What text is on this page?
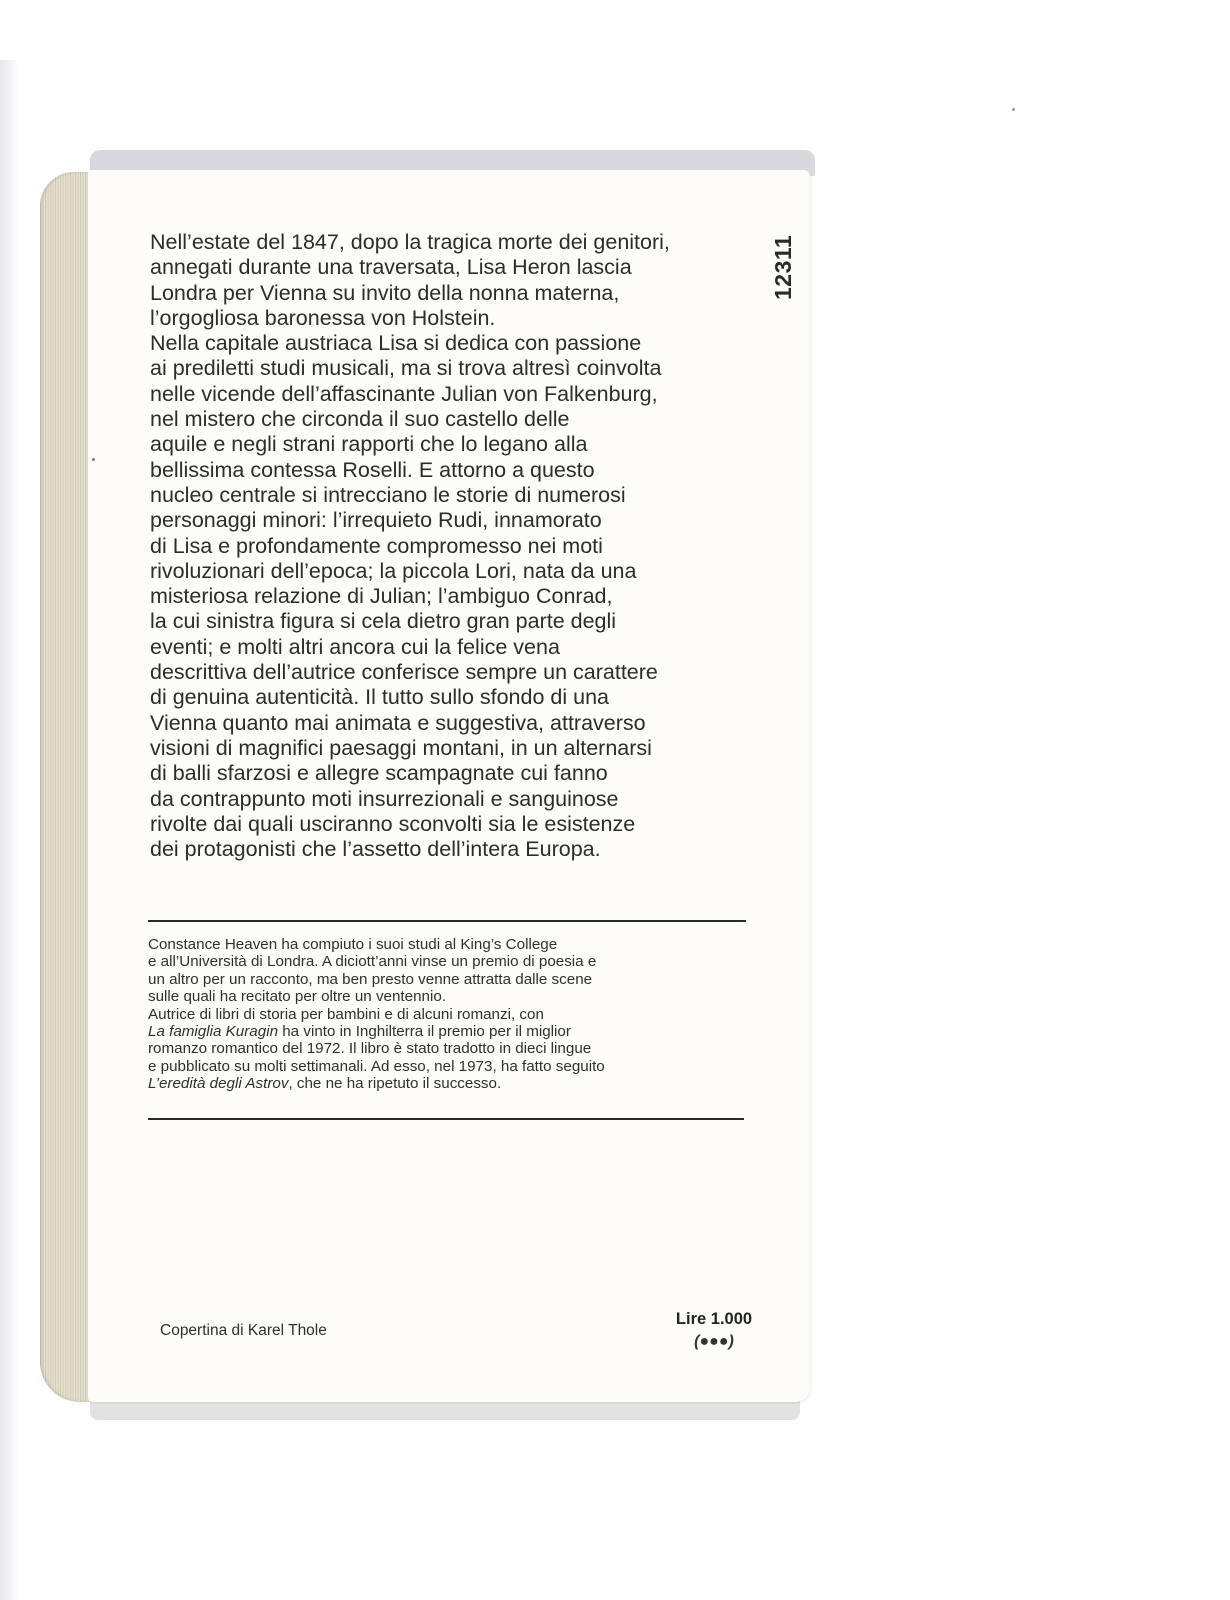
12311
Nell’estate del 1847, dopo la tragica morte dei genitori,
annegati durante una traversata, Lisa Heron lascia
Londra per Vienna su invito della nonna materna,
l’orgogliosa baronessa von Holstein.
Nella capitale austriaca Lisa si dedica con passione
ai prediletti studi musicali, ma si trova altresì coinvolta
nelle vicende dell’affascinante Julian von Falkenburg,
nel mistero che circonda il suo castello delle
aquile e negli strani rapporti che lo legano alla
bellissima contessa Roselli. E attorno a questo
nucleo centrale si intrecciano le storie di numerosi
personaggi minori: l’irrequieto Rudi, innamorato
di Lisa e profondamente compromesso nei moti
rivoluzionari dell’epoca; la piccola Lori, nata da una
misteriosa relazione di Julian; l’ambiguo Conrad,
la cui sinistra figura si cela dietro gran parte degli
eventi; e molti altri ancora cui la felice vena
descrittiva dell’autrice conferisce sempre un carattere
di genuina autenticità. Il tutto sullo sfondo di una
Vienna quanto mai animata e suggestiva, attraverso
visioni di magnifici paesaggi montani, in un alternarsi
di balli sfarzosi e allegre scampagnate cui fanno
da contrappunto moti insurrezionali e sanguinose
rivolte dai quali usciranno sconvolti sia le esistenze
dei protagonisti che l’assetto dell’intera Europa.
Constance Heaven ha compiuto i suoi studi al King’s College
e all’Università di Londra. A diciott’anni vinse un premio di poesia e
un altro per un racconto, ma ben presto venne attratta dalle scene
sulle quali ha recitato per oltre un ventennio.
Autrice di libri di storia per bambini e di alcuni romanzi, con
La famiglia Kuragin ha vinto in Inghilterra il premio per il miglior
romanzo romantico del 1972. Il libro è stato tradotto in dieci lingue
e pubblicato su molti settimanali. Ad esso, nel 1973, ha fatto seguito
L’eredità degli Astrov, che ne ha ripetuto il successo.
Copertina di Karel Thole
Lire 1.000
(●●●)
